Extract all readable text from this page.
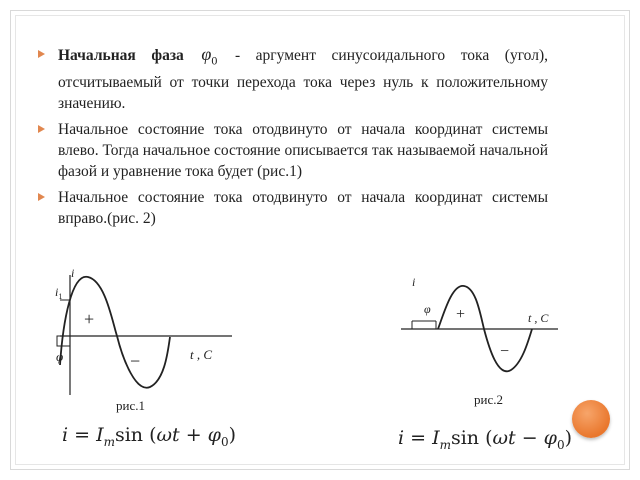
Начальная фаза $\varphi_0$ - аргумент синусоидального тока (угол), отсчитываемый от точки перехода тока через нуль к положительному значению.
Начальное состояние тока отодвинуто от начала координат системы влево. Тогда начальное состояние описывается так называемой начальной фазой и уравнение тока будет (рис.1)
Начальное состояние тока отодвинуто от начала координат системы вправо.(рис. 2)
i
$i_1$
+
−	t , C
φ
рис.1
$i = I_m\sin$ $(\omega t + \varphi_0)$
i
φ +
−
t , C
рис.2
$i = I_m\sin$ $(\omega t - \varphi_0)$
